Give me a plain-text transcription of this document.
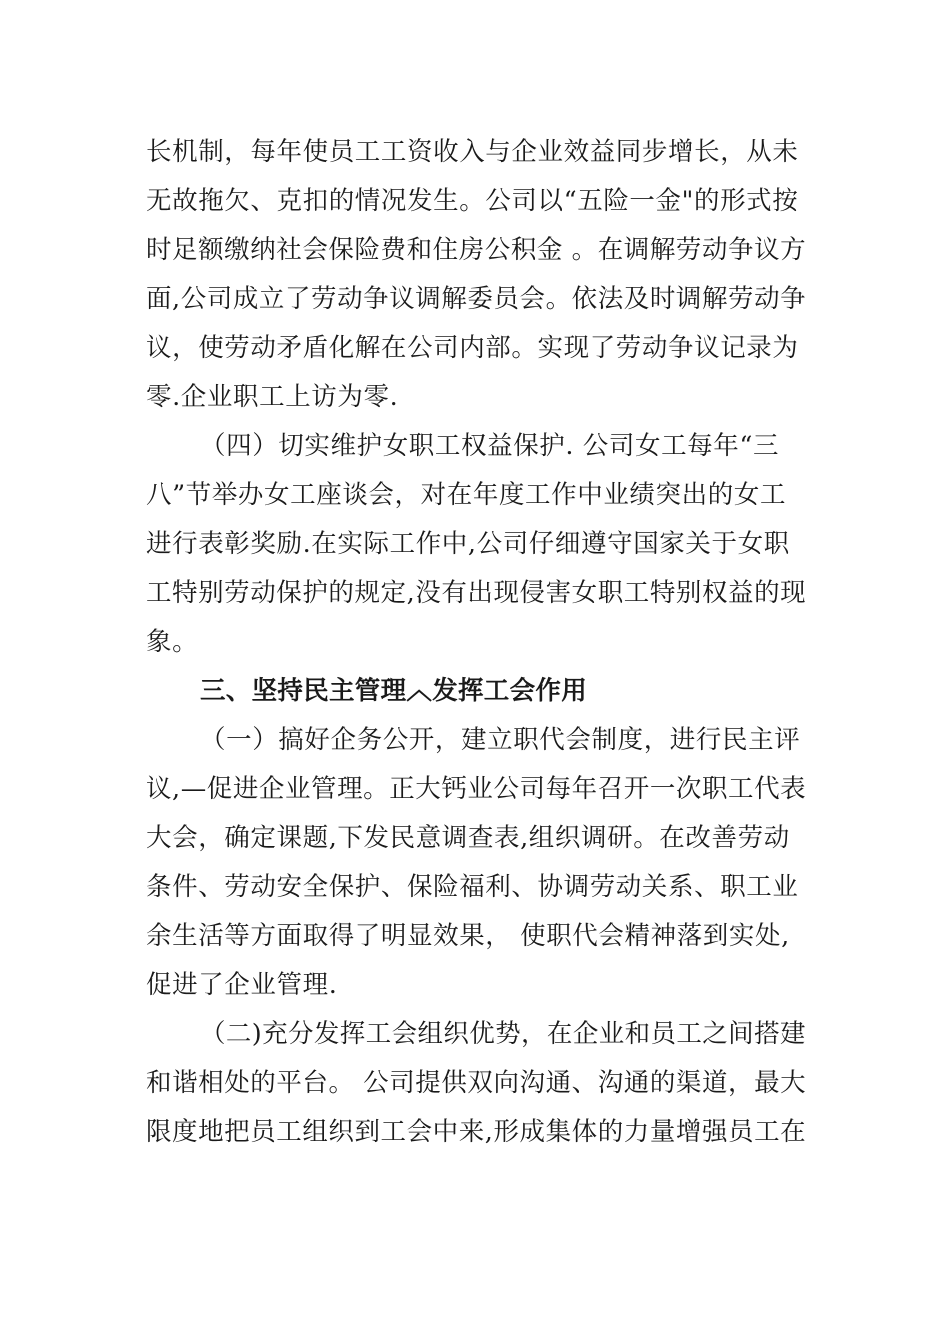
长机制，每年使员工工资收入与企业效益同步增长，从未
无故拖欠、克扣的情况发生。公司以“五险一金"的形式按
时足额缴纳社会保险费和住房公积金 。在调解劳动争议方
面,公司成立了劳动争议调解委员会。依法及时调解劳动争
议，使劳动矛盾化解在公司内部。实现了劳动争议记录为
零.企业职工上访为零.
（四）切实维护女职工权益保护. 公司女工每年“三
八”节举办女工座谈会，对在年度工作中业绩突出的女工
进行表彰奖励.在实际工作中,公司仔细遵守国家关于女职
工特别劳动保护的规定,没有出现侵害女职工特别权益的现
象。
三、坚持民主管理︿发挥工会作用
（一）搞好企务公开，建立职代会制度，进行民主评
议,—促进企业管理。正大钙业公司每年召开一次职工代表
大会，确定课题,下发民意调查表,组织调研。在改善劳动
条件、劳动安全保护、保险福利、协调劳动关系、职工业
余生活等方面取得了明显效果， 使职代会精神落到实处,
促进了企业管理.
（二)充分发挥工会组织优势，在企业和员工之间搭建
和谐相处的平台。 公司提供双向沟通、沟通的渠道，最大
限度地把员工组织到工会中来,形成集体的力量增强员工在
